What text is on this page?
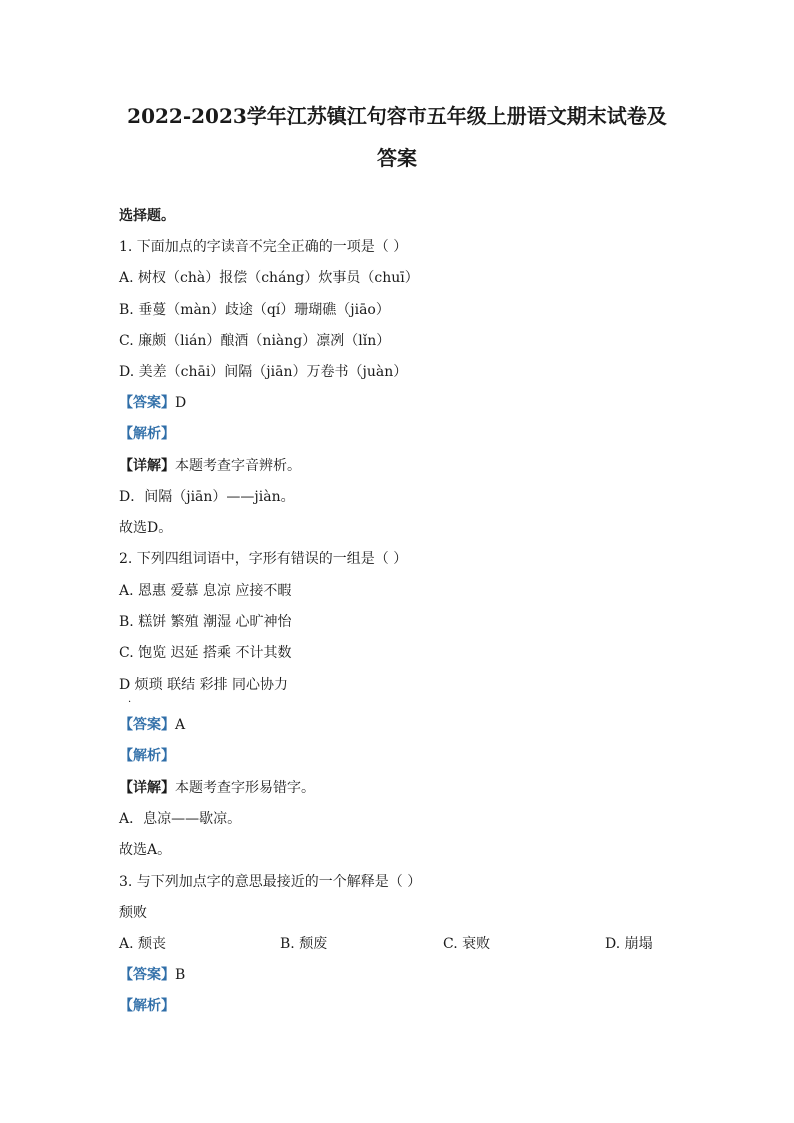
2022-2023学年江苏镇江句容市五年级上册语文期末试卷及
答案

选择题。

1. 下面加点的字读音不完全正确的一项是（ ）

A. 树杈（chà）报偿（cháng）炊事员（chuī）

B. 垂蔓（màn）歧途（qí）珊瑚礁（jiāo）

C. 廉颇（lián）酿酒（niàng）凛冽（lǐn）

D. 美差（chāi）间隔（jiān）万卷书（juàn）

【答案】D

【解析】

【详解】本题考查字音辨析。

D．间隔（jiān）——jiàn。

故选D。

2. 下列四组词语中，字形有错误的一组是（ ）

A. 恩惠 爱慕 息凉 应接不暇

B. 糕饼 繁殖 潮湿 心旷神怡

C. 饱览 迟延 搭乘 不计其数

D 烦琐 联结 彩排 同心协力

·

【答案】A

【解析】

【详解】本题考查字形易错字。

A．息凉——歇凉。

故选A。

3. 与下列加点字的意思最接近的一个解释是（ ）

颓败

A. 颓丧	B. 颓废	C. 衰败	D. 崩塌

【答案】B

【解析】
